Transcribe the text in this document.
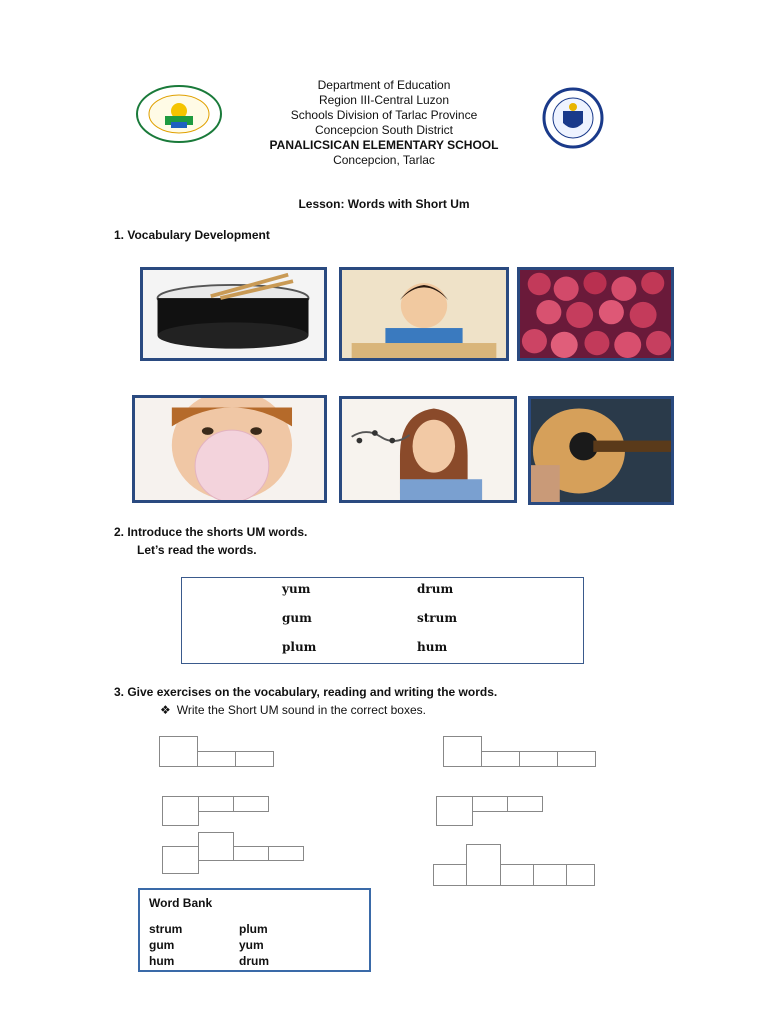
Department of Education
Region III-Central Luzon
Schools Division of Tarlac Province
Concepcion South District
PANALICSICAN ELEMENTARY SCHOOL
Concepcion, Tarlac
Lesson: Words with Short Um
1. Vocabulary Development
2. Introduce the shorts UM words.
Let’s read the words.
yum
gum
plum
drum
strum
hum
3. Give exercises on the vocabulary, reading and writing the words.
❖ Write the Short UM sound in the correct boxes.
Word Bank
strum
gum
hum
plum
yum
drum
